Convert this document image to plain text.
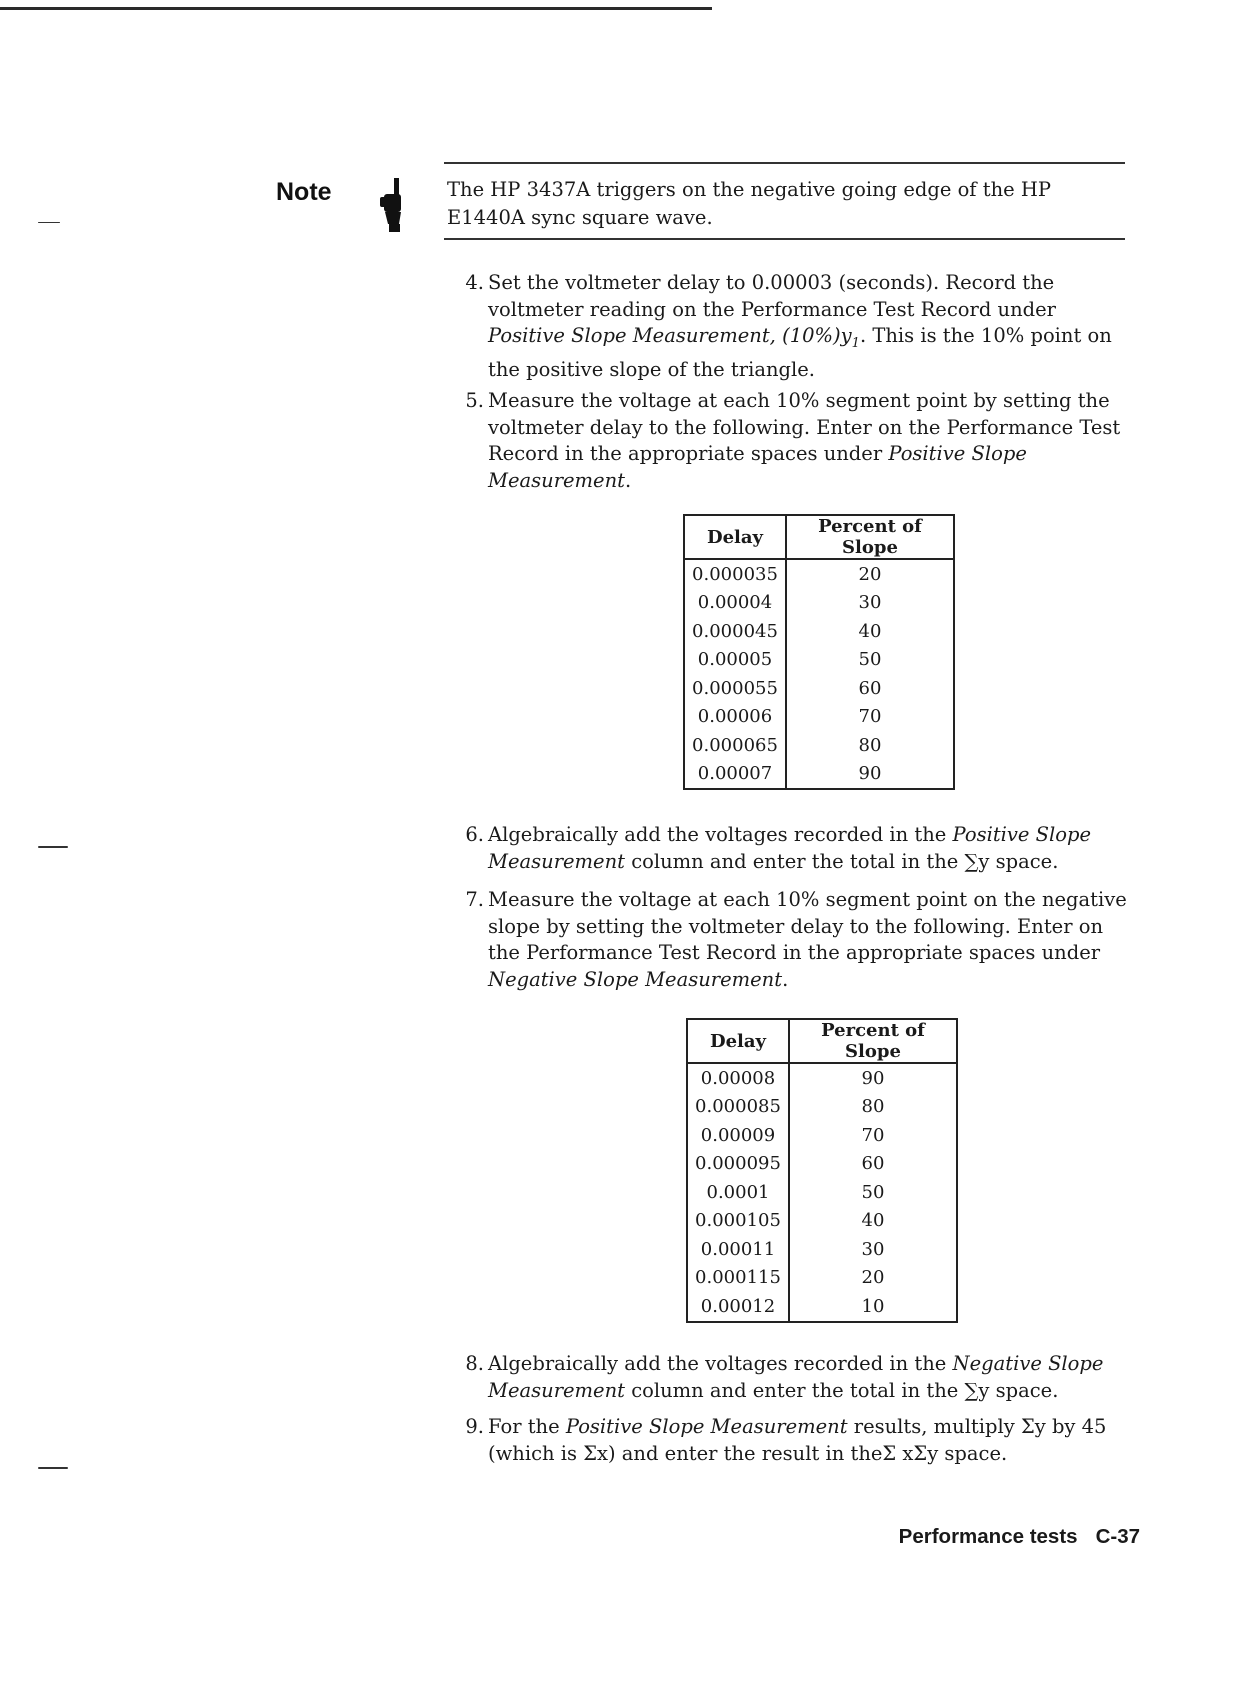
Note	The HP 3437A triggers on the negative going edge of the HP E1440A sync square wave.
4. Set the voltmeter delay to 0.00003 (seconds). Record the voltmeter reading on the Performance Test Record under Positive Slope Measurement, $(10\%)y_1$. This is the 10% point on the positive slope of the triangle.
5. Measure the voltage at each 10% segment point by setting the voltmeter delay to the following. Enter on the Performance Test Record in the appropriate spaces under Positive Slope Measurement.
Delay	Percent of Slope
0.000035	20
0.00004	30
0.000045	40
0.00005	50
0.000055	60
0.00006	70
0.000065	80
0.00007	90
6. Algebraically add the voltages recorded in the Positive Slope Measurement column and enter the total in the ∑y space.
7. Measure the voltage at each 10% segment point on the negative slope by setting the voltmeter delay to the following. Enter on the Performance Test Record in the appropriate spaces under Negative Slope Measurement.
Delay	Percent of Slope
0.00008	90
0.000085	80
0.00009	70
0.000095	60
0.0001	50
0.000105	40
0.00011	30
0.000115	20
0.00012	10
8. Algebraically add the voltages recorded in the Negative Slope Measurement column and enter the total in the ∑y space.
9. For the Positive Slope Measurement results, multiply Σy by 45 (which is Σx) and enter the result in theΣ xΣy space.
Performance tests C-37
